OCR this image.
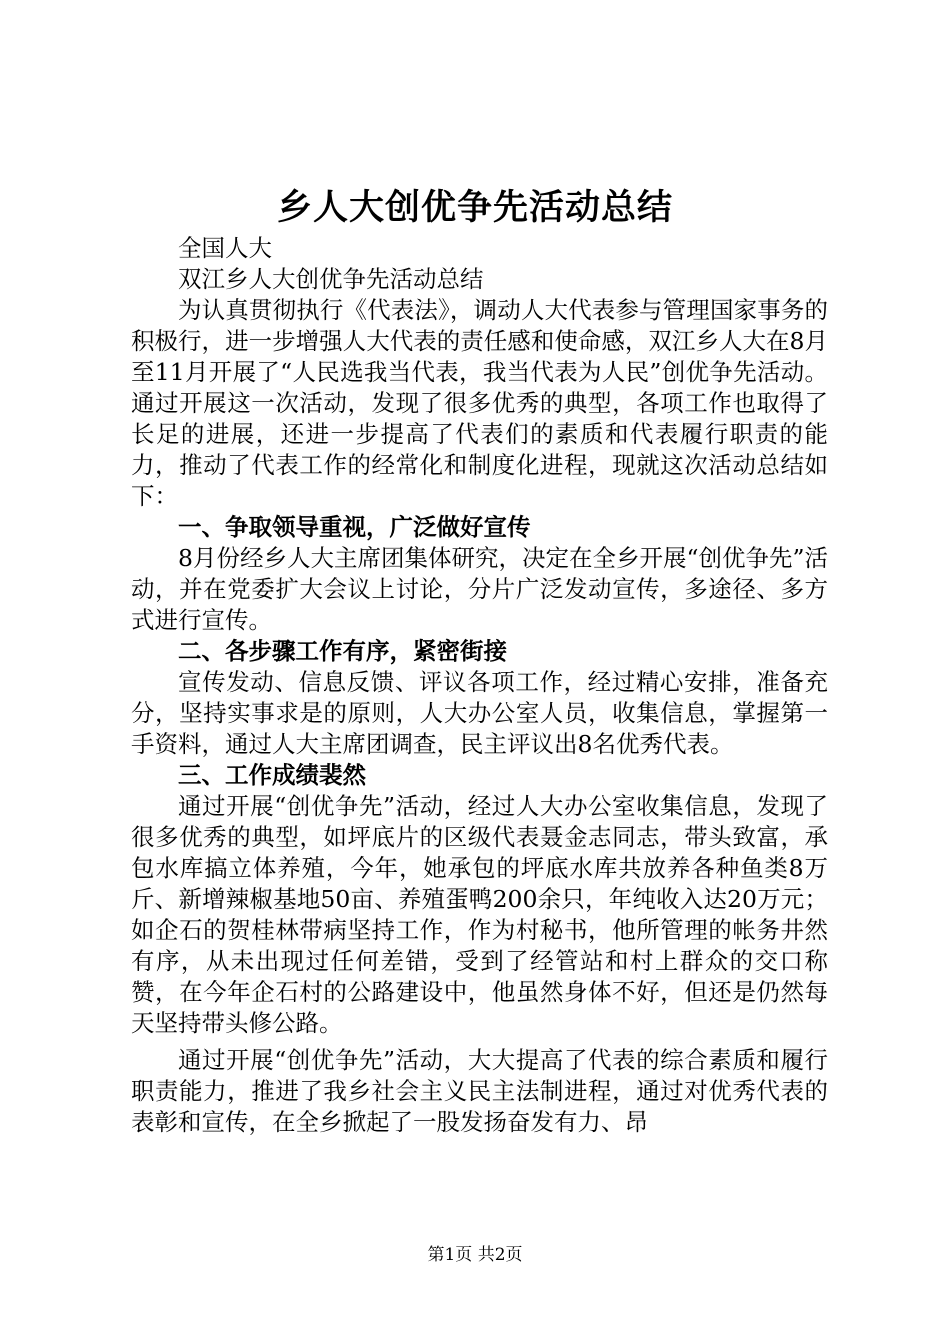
乡人大创优争先活动总结

全国人大

双江乡人大创优争先活动总结

为认真贯彻执行《代表法》，调动人大代表参与管理国家事务的积极行，进一步增强人大代表的责任感和使命感，双江乡人大在8月至11月开展了“人民选我当代表，我当代表为人民”创优争先活动。通过开展这一次活动，发现了很多优秀的典型，各项工作也取得了长足的进展，还进一步提高了代表们的素质和代表履行职责的能力，推动了代表工作的经常化和制度化进程，现就这次活动总结如下：

一、争取领导重视，广泛做好宣传

8月份经乡人大主席团集体研究，决定在全乡开展“创优争先”活动，并在党委扩大会议上讨论，分片广泛发动宣传，多途径、多方式进行宣传。

二、各步骤工作有序，紧密街接

宣传发动、信息反馈、评议各项工作，经过精心安排，准备充分，坚持实事求是的原则，人大办公室人员，收集信息，掌握第一手资料，通过人大主席团调查，民主评议出8名优秀代表。

三、工作成绩裴然

通过开展“创优争先”活动，经过人大办公室收集信息，发现了很多优秀的典型，如坪底片的区级代表聂金志同志，带头致富，承包水库搞立体养殖，今年，她承包的坪底水库共放养各种鱼类8万斤、新增辣椒基地50亩、养殖蛋鸭200余只，年纯收入达20万元；如企石的贺桂林带病坚持工作，作为村秘书，他所管理的帐务井然有序，从未出现过任何差错，受到了经管站和村上群众的交口称赞，在今年企石村的公路建设中，他虽然身体不好，但还是仍然每天坚持带头修公路。

通过开展“创优争先”活动，大大提高了代表的综合素质和履行职责能力，推进了我乡社会主义民主法制进程，通过对优秀代表的表彰和宣传，在全乡掀起了一股发扬奋发有力、昂

第1页 共2页
